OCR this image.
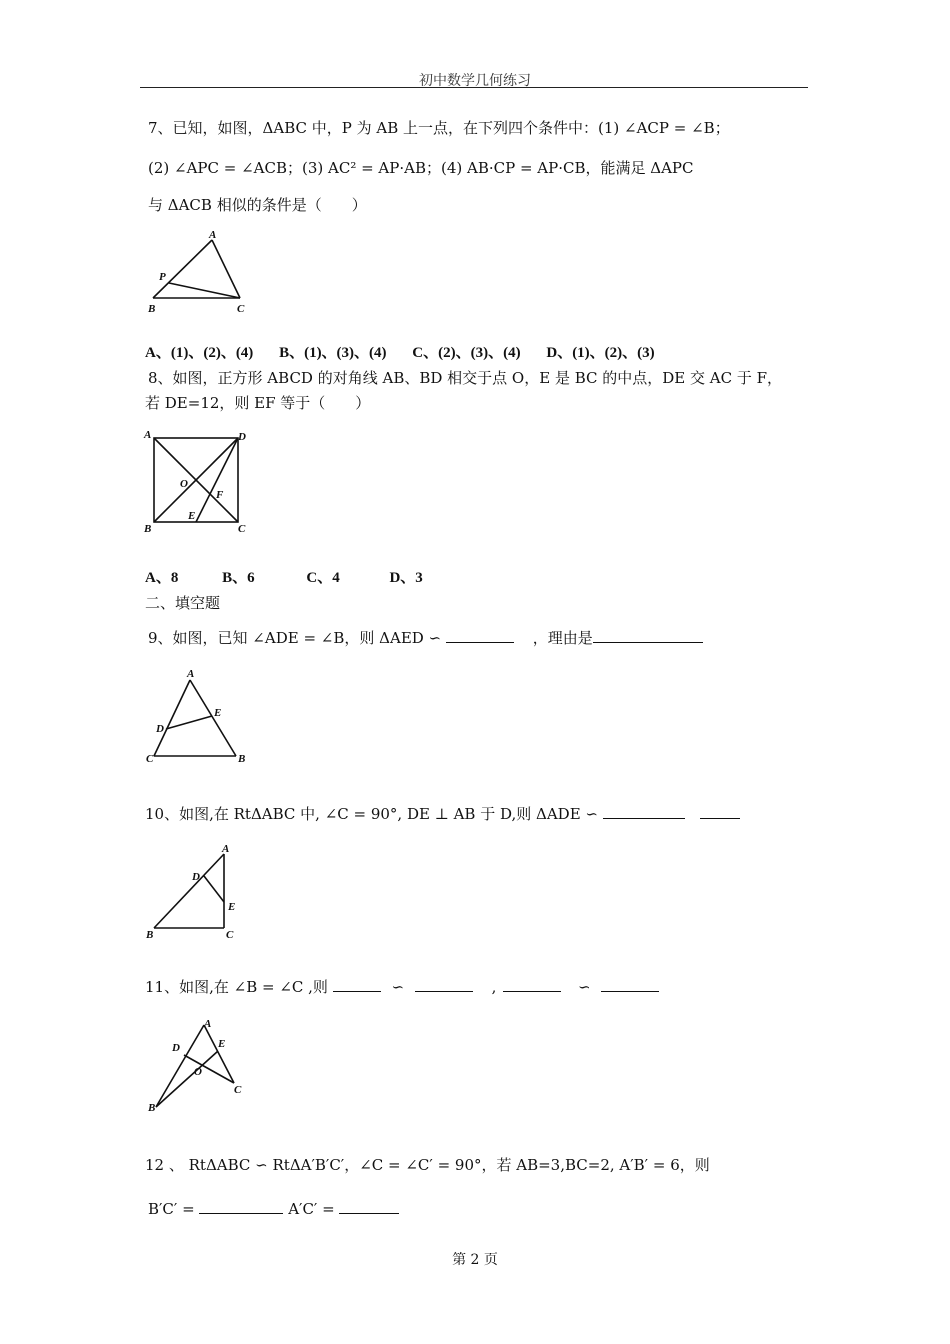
初中数学几何练习
7、已知，如图，ΔABC 中，P 为 AB 上一点，在下列四个条件中：(1) ∠ACP = ∠B；
(2) ∠APC = ∠ACB；(3) AC² = AP·AB；(4) AB·CP = AP·CB，能满足 ΔAPC
与 ΔACB 相似的条件是（　　）
A
P
B	C
A、(1)、(2)、(4) B、(1)、(3)、(4) C、(2)、(3)、(4) D、(1)、(2)、(3)
8、如图，正方形 ABCD 的对角线 AB、BD 相交于点 O，E 是 BC 的中点，DE 交 AC 于 F，
若 DE=12，则 EF 等于（　　）
A	D
O
F
E
B	C
A、8	B、6	C、4	D、3
二、填空题
9、如图，已知 ∠ADE = ∠B，则 ΔAED ∽	，理由是
A
D
E
C	B
10、如图,在 RtΔABC 中, ∠C = 90°, DE ⊥ AB 于 D,则 ΔADE ∽
A
D
E
B	C
11、如图,在 ∠B = ∠C ,则	∽	,	∽
A
D	E
O
B
C
12 、 RtΔABC ∽ RtΔA′B′C′，∠C = ∠C′ = 90°，若 AB=3,BC=2, A′B′ = 6，则
B′C′ =	A′C′ =
第 2 页
